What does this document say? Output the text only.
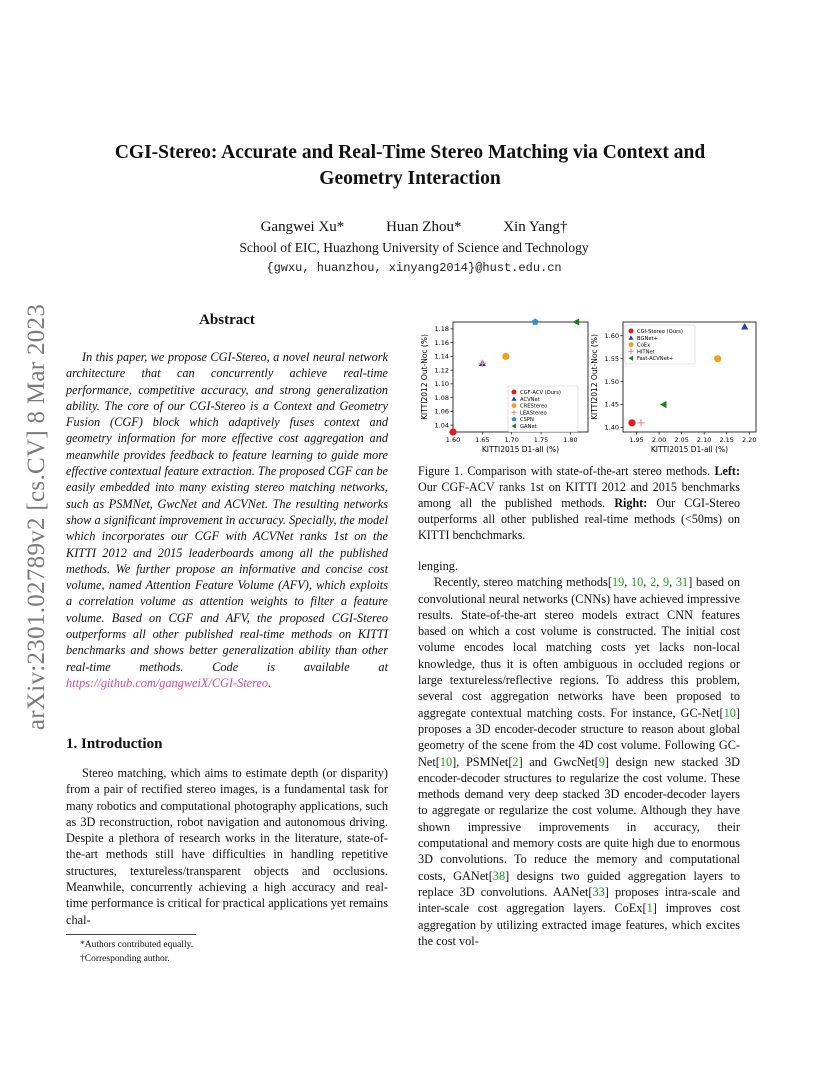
arXiv:2301.02789v2 [cs.CV] 8 Mar 2023
CGI-Stereo: Accurate and Real-Time Stereo Matching via Context and
Geometry Interaction
Gangwei Xu*	Huan Zhou*	Xin Yang†
School of EIC, Huazhong University of Science and Technology
{gwxu, huanzhou, xinyang2014}@hust.edu.cn
Abstract
In this paper, we propose CGI-Stereo, a novel neural network architecture that can concurrently achieve real-time performance, competitive accuracy, and strong generalization ability. The core of our CGI-Stereo is a Context and Geometry Fusion (CGF) block which adaptively fuses context and geometry information for more effective cost aggregation and meanwhile provides feedback to feature learning to guide more effective contextual feature extraction. The proposed CGF can be easily embedded into many existing stereo matching networks, such as PSMNet, GwcNet and ACVNet. The resulting networks show a significant improvement in accuracy. Specially, the model which incorporates our CGF with ACVNet ranks 1st on the KITTI 2012 and 2015 leaderboards among all the published methods. We further propose an informative and concise cost volume, named Attention Feature Volume (AFV), which exploits a correlation volume as attention weights to filter a feature volume. Based on CGF and AFV, the proposed CGI-Stereo outperforms all other published real-time methods on KITTI benchmarks and shows better generalization ability than other real-time methods. Code is available at https://github.com/gangweiX/CGI-Stereo.
1. Introduction
Stereo matching, which aims to estimate depth (or disparity) from a pair of rectified stereo images, is a fundamental task for many robotics and computational photography applications, such as 3D reconstruction, robot navigation and autonomous driving. Despite a plethora of research works in the literature, state-of-the-art methods still have difficulties in handling repetitive structures, textureless/transparent objects and occlusions. Meanwhile, concurrently achieving a high accuracy and real-time performance is critical for practical applications yet remains chal-
*Authors contributed equally.
†Corresponding author.
1.60 1.65 1.70 1.75 1.80
1.04
1.06
1.08
1.10
1.12
1.14
1.16
1.18
KITTI2015 D1-all (%)
KITTI2012 Out-Noc (%)	CGF-ACV (Ours)
ACVNet
CREStereo
LEAStereo
CSPN
GANet
1.95 2.00 2.05 2.10 2.15 2.20
1.40
1.45
1.50
1.55
1.60
KITTI2015 D1-all (%)
KITTI2012 Out-Noc (%)
CGI-Stereo (Ours)
BGNet+
CoEx
HITNet
Fast-ACVNet+
Figure 1. Comparison with state-of-the-art stereo methods. Left: Our CGF-ACV ranks 1st on KITTI 2012 and 2015 benchmarks among all the published methods. Right: Our CGI-Stereo outperforms all other published real-time methods (<50ms) on KITTI benchchmarks.

lenging.

Recently, stereo matching methods[19, 10, 2, 9, 31] based on convolutional neural networks (CNNs) have achieved impressive results. State-of-the-art stereo models extract CNN features based on which a cost volume is constructed. The initial cost volume encodes local matching costs yet lacks non-local knowledge, thus it is often ambiguous in occluded regions or large textureless/reflective regions. To address this problem, several cost aggregation networks have been proposed to aggregate contextual matching costs. For instance, GC-Net[10] proposes a 3D encoder-decoder structure to reason about global geometry of the scene from the 4D cost volume. Following GC-Net[10], PSMNet[2] and GwcNet[9] design new stacked 3D encoder-decoder structures to regularize the cost volume. These methods demand very deep stacked 3D encoder-decoder layers to aggregate or regularize the cost volume. Although they have shown impressive improvements in accuracy, their computational and memory costs are quite high due to enormous 3D convolutions. To reduce the memory and computational costs, GANet[38] designs two guided aggregation layers to replace 3D convolutions. AANet[33] proposes intra-scale and inter-scale cost aggregation layers. CoEx[1] improves cost aggregation by utilizing extracted image features, which excites the cost vol-
